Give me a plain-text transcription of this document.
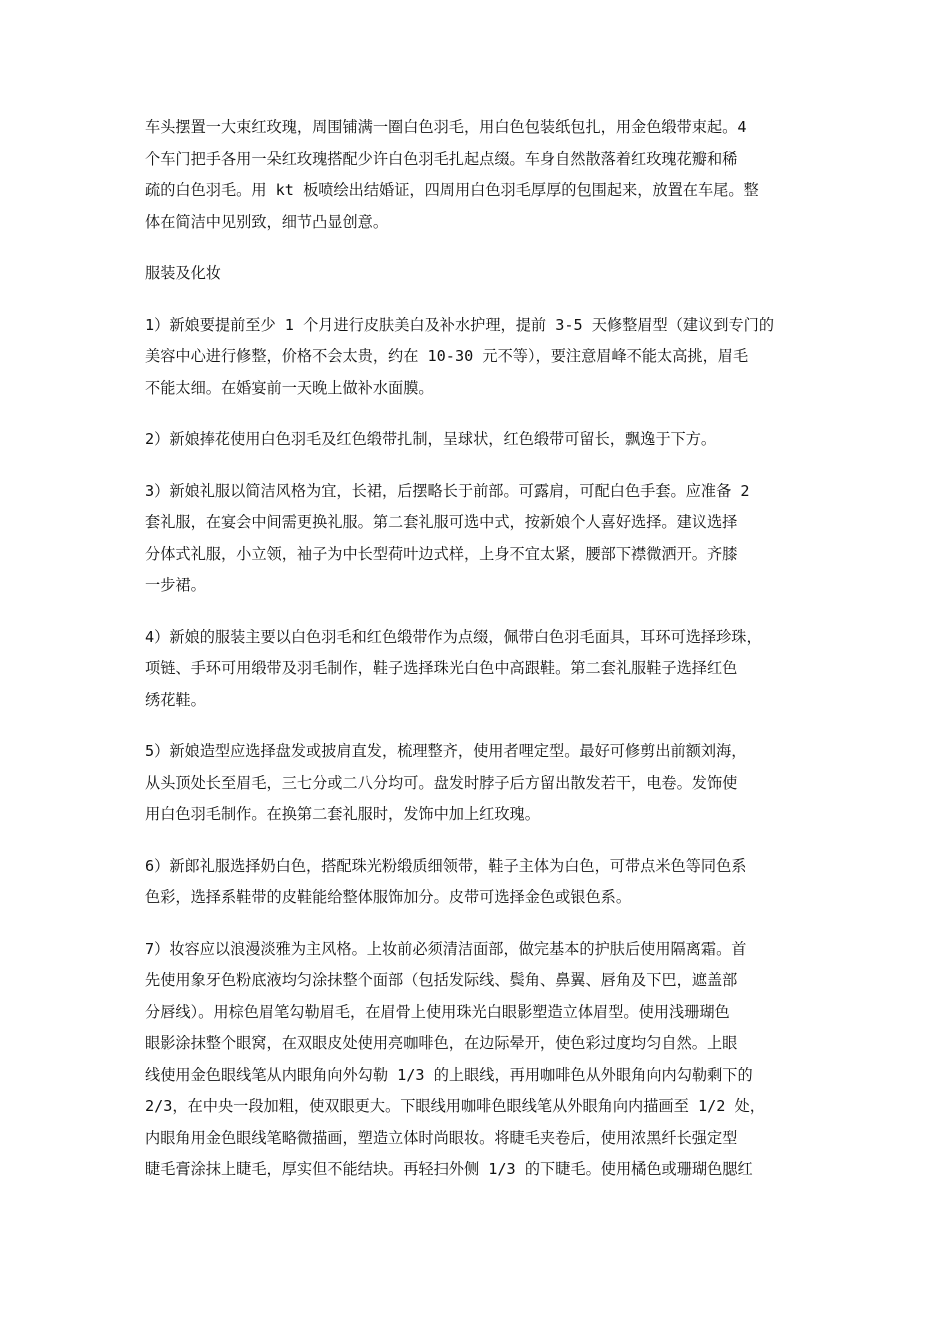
车头摆置一大束红玫瑰，周围铺满一圈白色羽毛，用白色包装纸包扎，用金色缎带束起。4
个车门把手各用一朵红玫瑰搭配少许白色羽毛扎起点缀。车身自然散落着红玫瑰花瓣和稀
疏的白色羽毛。用 kt 板喷绘出结婚证，四周用白色羽毛厚厚的包围起来，放置在车尾。整
体在简洁中见别致，细节凸显创意。
服装及化妆
1）新娘要提前至少 1 个月进行皮肤美白及补水护理，提前 3-5 天修整眉型（建议到专门的
美容中心进行修整，价格不会太贵，约在 10-30 元不等），要注意眉峰不能太高挑，眉毛
不能太细。在婚宴前一天晚上做补水面膜。
2）新娘捧花使用白色羽毛及红色缎带扎制，呈球状，红色缎带可留长，飘逸于下方。
3）新娘礼服以简洁风格为宜，长裙，后摆略长于前部。可露肩，可配白色手套。应准备 2
套礼服，在宴会中间需更换礼服。第二套礼服可选中式，按新娘个人喜好选择。建议选择
分体式礼服，小立领，袖子为中长型荷叶边式样，上身不宜太紧，腰部下襟微洒开。齐膝
一步裙。
4）新娘的服装主要以白色羽毛和红色缎带作为点缀，佩带白色羽毛面具，耳环可选择珍珠，
项链、手环可用缎带及羽毛制作，鞋子选择珠光白色中高跟鞋。第二套礼服鞋子选择红色
绣花鞋。
5）新娘造型应选择盘发或披肩直发，梳理整齐，使用者哩定型。最好可修剪出前额刘海，
从头顶处长至眉毛，三七分或二八分均可。盘发时脖子后方留出散发若干，电卷。发饰使
用白色羽毛制作。在换第二套礼服时，发饰中加上红玫瑰。
6）新郎礼服选择奶白色，搭配珠光粉缎质细领带，鞋子主体为白色，可带点米色等同色系
色彩，选择系鞋带的皮鞋能给整体服饰加分。皮带可选择金色或银色系。
7）妆容应以浪漫淡雅为主风格。上妆前必须清洁面部，做完基本的护肤后使用隔离霜。首
先使用象牙色粉底液均匀涂抹整个面部（包括发际线、鬓角、鼻翼、唇角及下巴，遮盖部
分唇线）。用棕色眉笔勾勒眉毛，在眉骨上使用珠光白眼影塑造立体眉型。使用浅珊瑚色
眼影涂抹整个眼窝，在双眼皮处使用亮咖啡色，在边际晕开，使色彩过度均匀自然。上眼
线使用金色眼线笔从内眼角向外勾勒 1/3 的上眼线，再用咖啡色从外眼角向内勾勒剩下的
2/3，在中央一段加粗，使双眼更大。下眼线用咖啡色眼线笔从外眼角向内描画至 1/2 处，
内眼角用金色眼线笔略微描画，塑造立体时尚眼妆。将睫毛夹卷后，使用浓黑纤长强定型
睫毛膏涂抹上睫毛，厚实但不能结块。再轻扫外侧 1/3 的下睫毛。使用橘色或珊瑚色腮红
